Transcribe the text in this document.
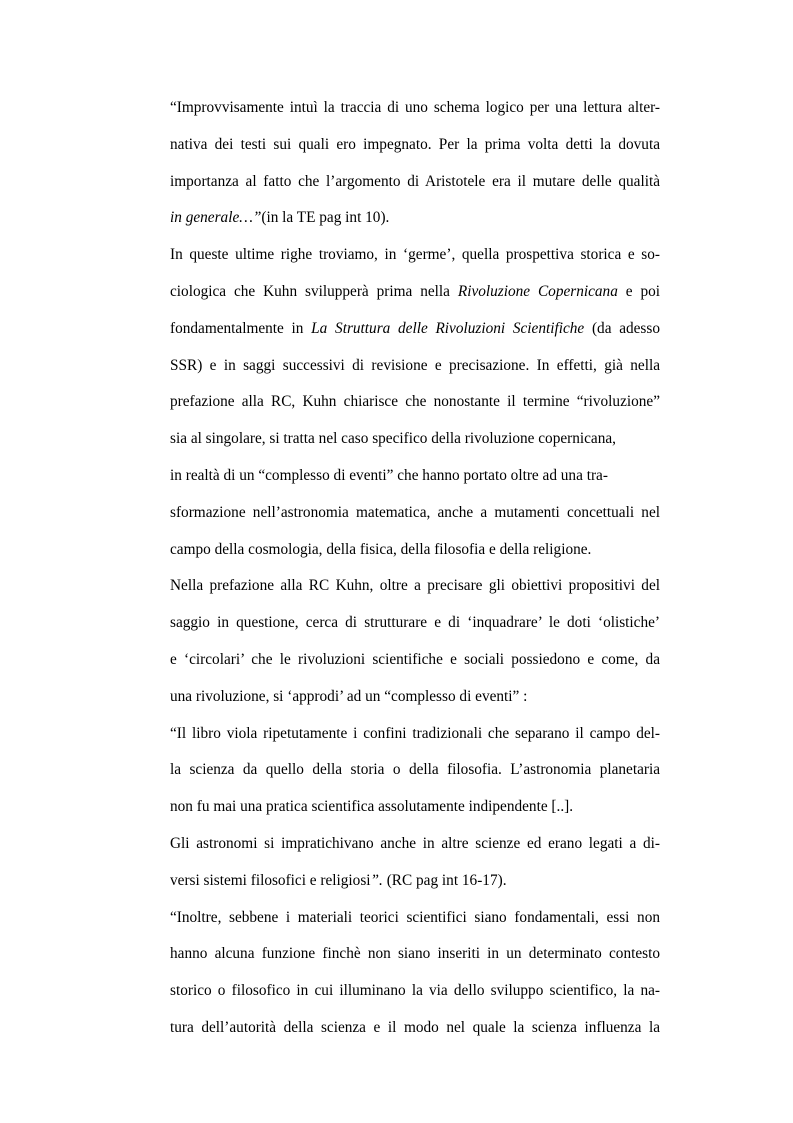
“Improvvisamente intuì la traccia di uno schema logico per una lettura alter-
nativa dei testi sui quali ero impegnato. Per la prima volta detti la dovuta
importanza al fatto che l’argomento di Aristotele era il mutare delle qualità
in generale…”(in la TE pag int 10).
In queste ultime righe troviamo, in ‘germe’, quella prospettiva storica e so-
ciologica che Kuhn svilupperà prima nella Rivoluzione Copernicana e poi
fondamentalmente in La Struttura delle Rivoluzioni Scientifiche (da adesso
SSR) e in saggi successivi di revisione e precisazione. In effetti, già nella
prefazione alla RC, Kuhn chiarisce che nonostante il termine “rivoluzione”
sia al singolare, si tratta nel caso specifico della rivoluzione copernicana,
in realtà di un “complesso di eventi” che hanno portato oltre ad una tra-
sformazione nell’astronomia matematica, anche a mutamenti concettuali nel
campo della cosmologia, della fisica, della filosofia e della religione.
Nella prefazione alla RC Kuhn, oltre a precisare gli obiettivi propositivi del
saggio in questione, cerca di strutturare e di ‘inquadrare’ le doti ‘olistiche’
e ‘circolari’ che le rivoluzioni scientifiche e sociali possiedono e come, da
una rivoluzione, si ‘approdi’ ad un “complesso di eventi” :
“Il libro viola ripetutamente i confini tradizionali che separano il campo del-
la scienza da quello della storia o della filosofia. L’astronomia planetaria
non fu mai una pratica scientifica assolutamente indipendente [..].
Gli astronomi si impratichivano anche in altre scienze ed erano legati a di-
versi sistemi filosofici e religiosi”. (RC pag int 16-17).
“Inoltre, sebbene i materiali teorici scientifici siano fondamentali, essi non
hanno alcuna funzione finchè non siano inseriti in un determinato contesto
storico o filosofico in cui illuminano la via dello sviluppo scientifico, la na-
tura dell’autorità della scienza e il modo nel quale la scienza influenza la
